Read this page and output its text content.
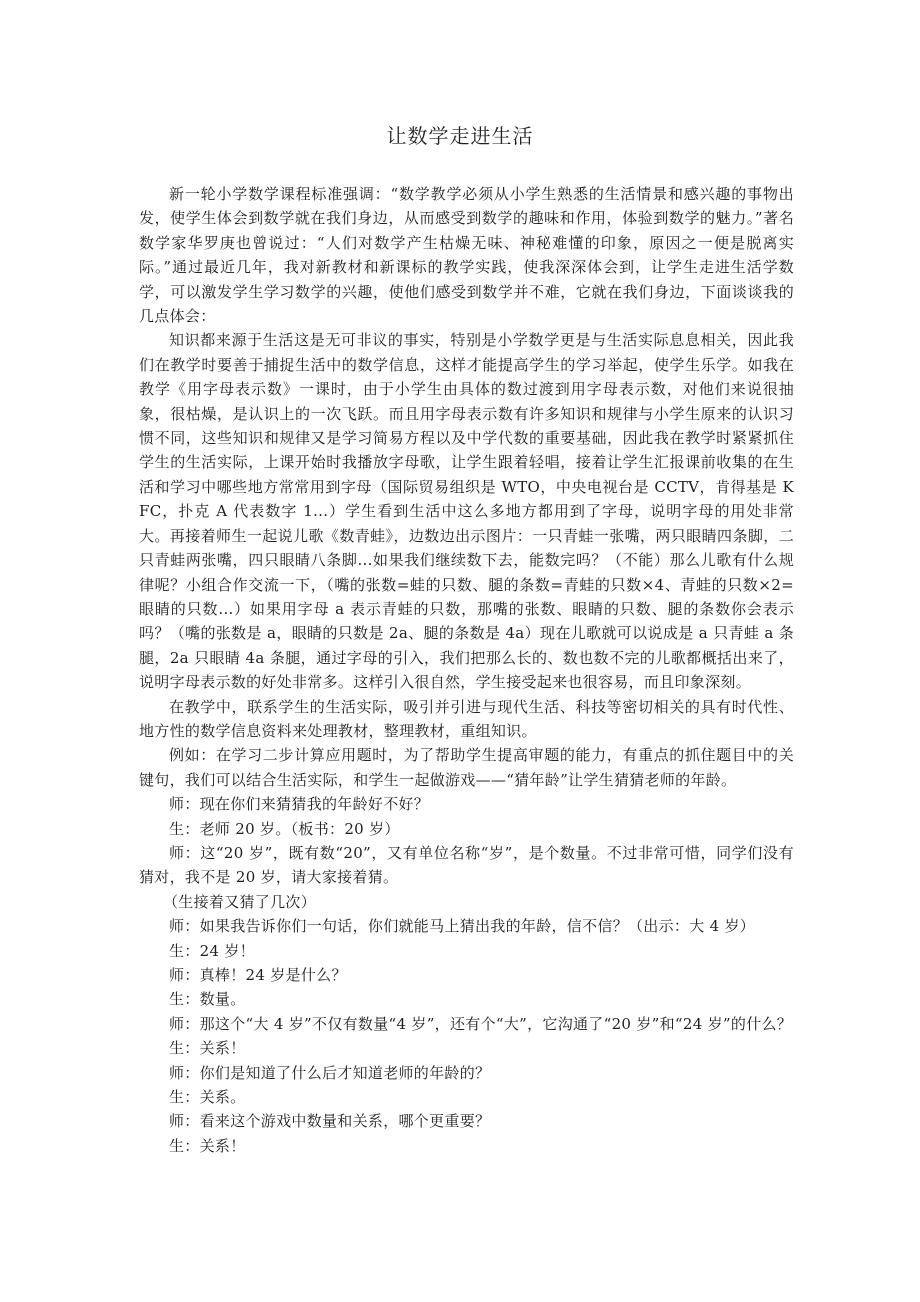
让数学走进生活

新一轮小学数学课程标准强调：“数学教学必须从小学生熟悉的生活情景和感兴趣的事物出发，使学生体会到数学就在我们身边，从而感受到数学的趣味和作用，体验到数学的魅力。”著名数学家华罗庚也曾说过：“人们对数学产生枯燥无味、神秘难懂的印象，原因之一便是脱离实际。”通过最近几年，我对新教材和新课标的教学实践，使我深深体会到，让学生走进生活学数学，可以激发学生学习数学的兴趣，使他们感受到数学并不难，它就在我们身边，下面谈谈我的几点体会：

知识都来源于生活这是无可非议的事实，特别是小学数学更是与生活实际息息相关，因此我们在教学时要善于捕捉生活中的数学信息，这样才能提高学生的学习举起，使学生乐学。如我在教学《用字母表示数》一课时，由于小学生由具体的数过渡到用字母表示数，对他们来说很抽象，很枯燥，是认识上的一次飞跃。而且用字母表示数有许多知识和规律与小学生原来的认识习惯不同，这些知识和规律又是学习简易方程以及中学代数的重要基础，因此我在教学时紧紧抓住学生的生活实际，上课开始时我播放字母歌，让学生跟着轻唱，接着让学生汇报课前收集的在生活和学习中哪些地方常常用到字母（国际贸易组织是 WTO，中央电视台是 CCTV，肯得基是 KFC，扑克 A 代表数字 1...）学生看到生活中这么多地方都用到了字母，说明字母的用处非常大。再接着师生一起说儿歌《数青蛙》，边数边出示图片：一只青蛙一张嘴，两只眼睛四条脚，二只青蛙两张嘴，四只眼睛八条脚...如果我们继续数下去，能数完吗？（不能）那么儿歌有什么规律呢？小组合作交流一下，（嘴的张数=蛙的只数、腿的条数=青蛙的只数×4、青蛙的只数×2=眼睛的只数...）如果用字母 a 表示青蛙的只数，那嘴的张数、眼睛的只数、腿的条数你会表示吗？（嘴的张数是 a，眼睛的只数是 2a、腿的条数是 4a）现在儿歌就可以说成是 a 只青蛙 a 条腿，2a 只眼睛 4a 条腿，通过字母的引入，我们把那么长的、数也数不完的儿歌都概括出来了，说明字母表示数的好处非常多。这样引入很自然，学生接受起来也很容易，而且印象深刻。

在教学中，联系学生的生活实际，吸引并引进与现代生活、科技等密切相关的具有时代性、地方性的数学信息资料来处理教材，整理教材，重组知识。

例如：在学习二步计算应用题时，为了帮助学生提高审题的能力，有重点的抓住题目中的关键句，我们可以结合生活实际，和学生一起做游戏——“猜年龄”让学生猜猜老师的年龄。

师：现在你们来猜猜我的年龄好不好？

生：老师 20 岁。（板书：20 岁）

师：这“20 岁”，既有数“20”，又有单位名称“岁”，是个数量。不过非常可惜，同学们没有猜对，我不是 20 岁，请大家接着猜。

（生接着又猜了几次）

师：如果我告诉你们一句话，你们就能马上猜出我的年龄，信不信？（出示：大 4 岁）

生：24 岁！

师：真棒！24 岁是什么？

生：数量。

师：那这个“大 4 岁”不仅有数量“4 岁”，还有个“大”，它沟通了“20 岁”和“24 岁”的什么？

生：关系！

师：你们是知道了什么后才知道老师的年龄的？

生：关系。

师：看来这个游戏中数量和关系，哪个更重要？

生：关系！
